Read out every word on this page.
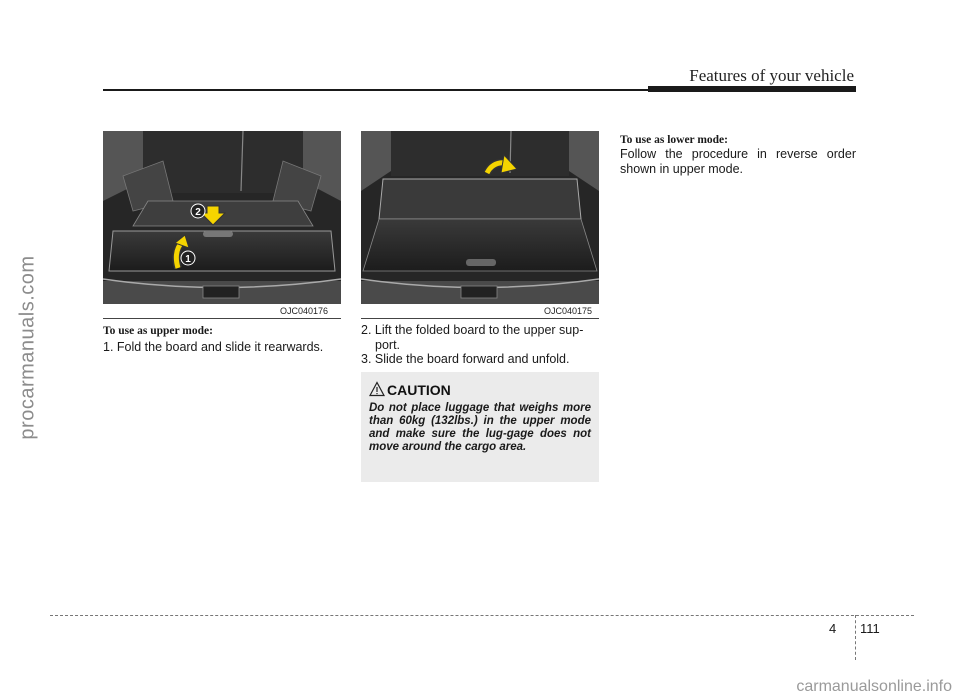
Features of your vehicle
procarmanuals.com	1
2
OJC040176	OJC040175
To use as upper mode:
1. Fold the board and slide it rearwards.
2. Lift the folded board to the upper sup-
port.
3. Slide the board forward and unfold.
CAUTION
Do not place luggage that weighs more than 60kg (132lbs.) in the upper mode and make sure the lug-gage does not move around the cargo area.
To use as lower mode:
Follow the procedure in reverse order shown in upper mode.
4 111
carmanualsonline.info
